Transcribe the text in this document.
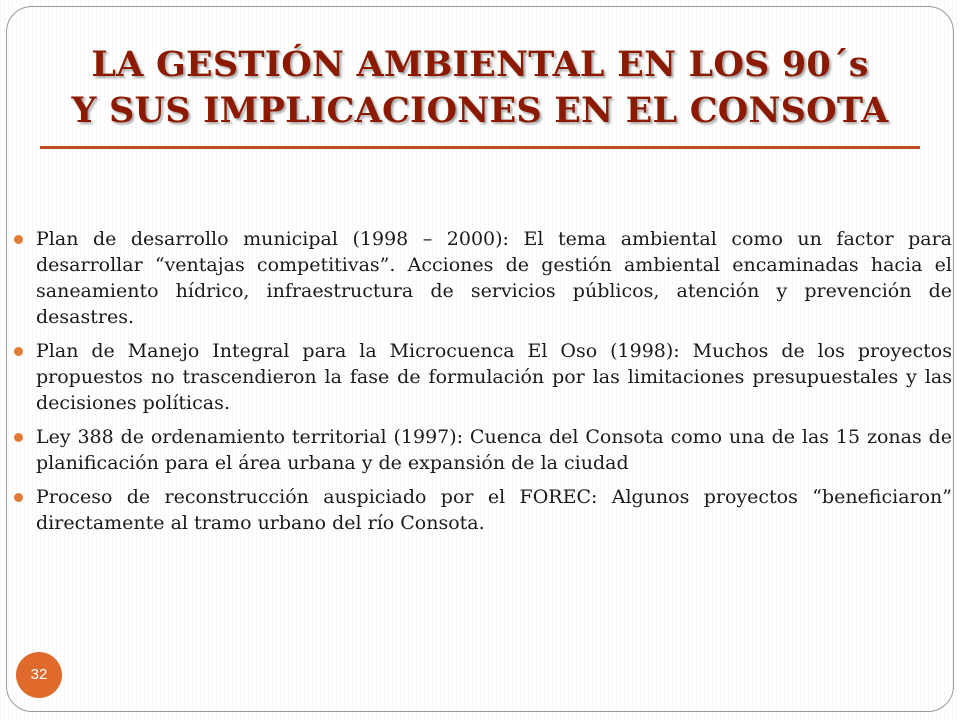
LA GESTIÓN AMBIENTAL EN LOS 90´s
Y SUS IMPLICACIONES EN EL CONSOTA
Plan de desarrollo municipal (1998 – 2000): El tema ambiental como un factor para desarrollar “ventajas competitivas”. Acciones de gestión ambiental encaminadas hacia el saneamiento hídrico, infraestructura de servicios públicos, atención y prevención de desastres.
Plan de Manejo Integral para la Microcuenca El Oso (1998): Muchos de los proyectos propuestos no trascendieron la fase de formulación por las limitaciones presupuestales y las decisiones políticas.
Ley 388 de ordenamiento territorial (1997): Cuenca del Consota como una de las 15 zonas de planificación para el área urbana y de expansión de la ciudad
Proceso de reconstrucción auspiciado por el FOREC: Algunos proyectos “beneficiaron” directamente al tramo urbano del río Consota.
32
